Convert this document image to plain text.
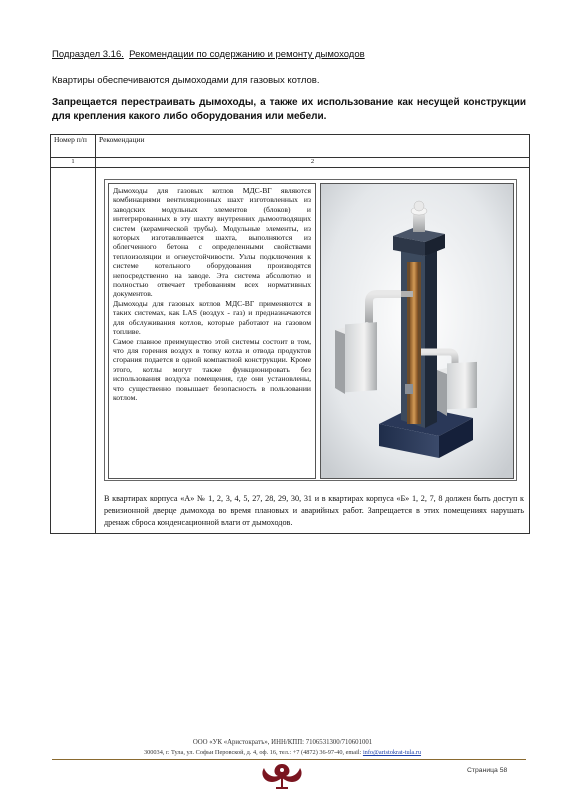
Подраздел 3.16. Рекомендации по содержанию и ремонту дымоходов
Квартиры обеспечиваются дымоходами для газовых котлов.
Запрещается перестраивать дымоходы, а также их использование как несущей конструкции для крепления какого либо оборудования или мебели.
Номер п/п	Рекомендации
1	2

Дымоходы для газовых котлов МДС-ВГ являются комбинациями вентиляционных шахт изготовленных из заводских модульных элементов (блоков) и интегрированных в эту шахту внутренних дымоотводящих систем (керамической трубы). Модульные элементы, из которых изготавливается шахта, выполняются из облегченного бетона с определенными свойствами теплоизоляции и огнеустойчивости. Узлы подключения к системе котельного оборудования производятся непосредственно на заводе. Эта система абсолютно и полностью отвечает требованиям всех нормативных документов.

Дымоходы для газовых котлов МДС-ВГ применяются в таких системах, как LAS (воздух - газ) и предназначаются для обслуживания котлов, которые работают на газовом топливе.

Самое главное преимущество этой системы состоит в том, что для горения воздух в топку котла и отвода продуктов сгорания подается в одной компактной конструкции. Кроме этого, котлы могут также функционировать без использования воздуха помещения, где они установлены, что существенно повышает безопасность в пользовании котлом.

В квартирах корпуса «А» № 1, 2, 3, 4, 5, 27, 28, 29, 30, 31 и в квартирах корпуса «Б» 1, 2, 7, 8 должен быть доступ к ревизионной дверце дымохода во время плановых и аварийных работ. Запрещается в этих помещениях нарушать дренаж сброса конденсационной влаги от дымоходов.
ООО «УК «Аристократъ», ИНН/КПП: 7106531300/710601001
300034, г. Тула, ул. Софьи Перовской, д. 4, оф. 16, тел.: +7 (4872) 36-97-40, email: info@aristokrat-tula.ru
Страница 58
